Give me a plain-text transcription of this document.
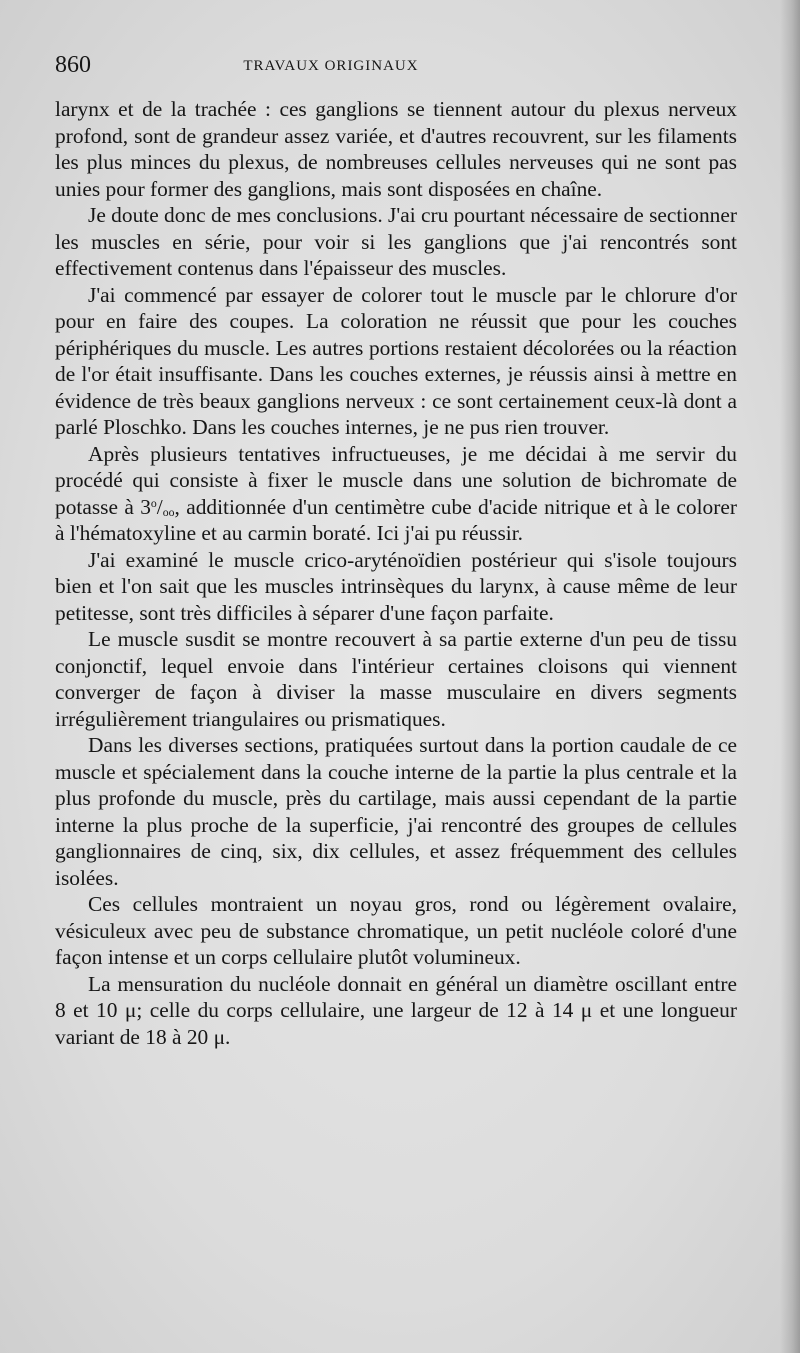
860	TRAVAUX ORIGINAUX

larynx et de la trachée : ces ganglions se tiennent autour du plexus nerveux profond, sont de grandeur assez variée, et d'autres recouvrent, sur les filaments les plus minces du plexus, de nombreuses cellules nerveuses qui ne sont pas unies pour former des ganglions, mais sont disposées en chaîne.

Je doute donc de mes conclusions. J'ai cru pourtant nécessaire de sectionner les muscles en série, pour voir si les ganglions que j'ai rencontrés sont effectivement contenus dans l'épaisseur des muscles.

J'ai commencé par essayer de colorer tout le muscle par le chlorure d'or pour en faire des coupes. La coloration ne réussit que pour les couches périphériques du muscle. Les autres portions restaient décolorées ou la réaction de l'or était insuffisante. Dans les couches externes, je réussis ainsi à mettre en évidence de très beaux ganglions nerveux : ce sont certainement ceux-là dont a parlé Ploschko. Dans les couches internes, je ne pus rien trouver.

Après plusieurs tentatives infructueuses, je me décidai à me servir du procédé qui consiste à fixer le muscle dans une solution de bichromate de potasse à $3^o/_{oo}$, additionnée d'un centimètre cube d'acide nitrique et à le colorer à l'hématoxyline et au carmin boraté. Ici j'ai pu réussir.

J'ai examiné le muscle crico-aryténoïdien postérieur qui s'isole toujours bien et l'on sait que les muscles intrinsèques du larynx, à cause même de leur petitesse, sont très difficiles à séparer d'une façon parfaite.

Le muscle susdit se montre recouvert à sa partie externe d'un peu de tissu conjonctif, lequel envoie dans l'intérieur certaines cloisons qui viennent converger de façon à diviser la masse musculaire en divers segments irrégulièrement triangulaires ou prismatiques.

Dans les diverses sections, pratiquées surtout dans la portion caudale de ce muscle et spécialement dans la couche interne de la partie la plus centrale et la plus profonde du muscle, près du cartilage, mais aussi cependant de la partie interne la plus proche de la superficie, j'ai rencontré des groupes de cellules ganglionnaires de cinq, six, dix cellules, et assez fréquemment des cellules isolées.

Ces cellules montraient un noyau gros, rond ou légèrement ovalaire, vésiculeux avec peu de substance chromatique, un petit nucléole coloré d'une façon intense et un corps cellulaire plutôt volumineux.

La mensuration du nucléole donnait en général un diamètre oscillant entre 8 et 10 μ; celle du corps cellulaire, une largeur de 12 à 14 μ et une longueur variant de 18 à 20 μ.
